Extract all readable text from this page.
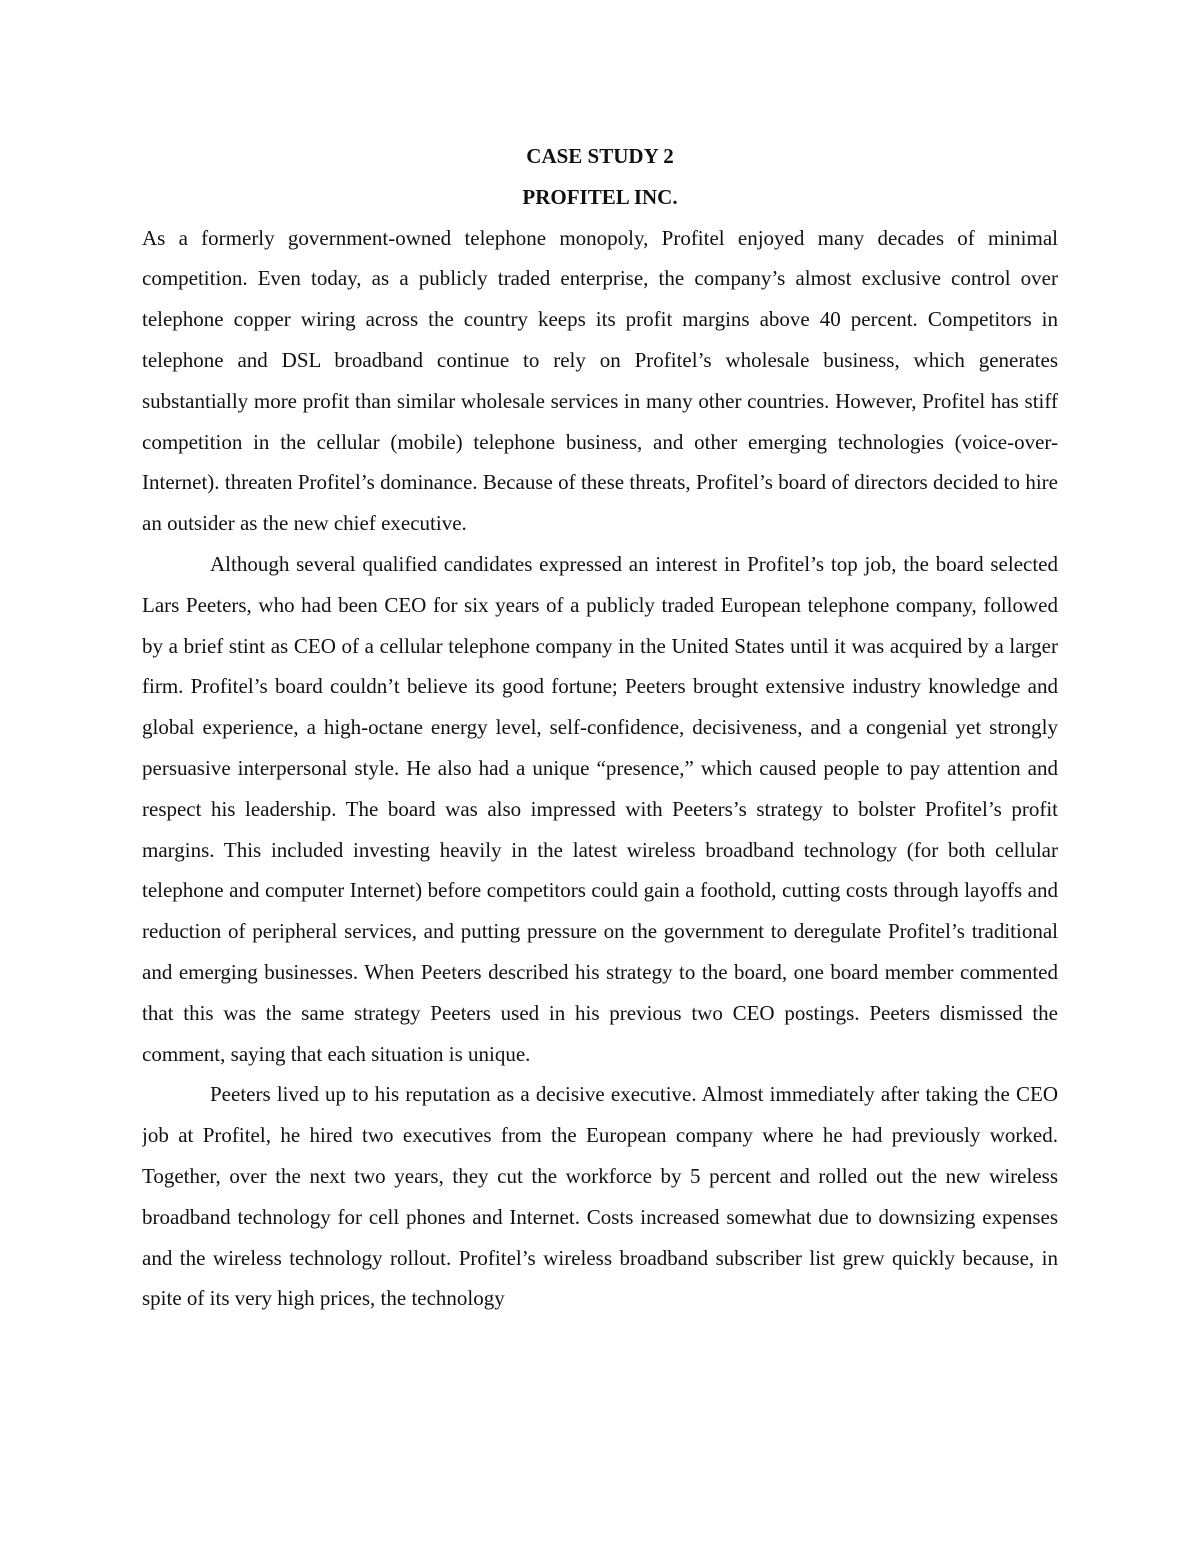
CASE STUDY 2

PROFITEL INC.

As a formerly government-owned telephone monopoly, Profitel enjoyed many decades of minimal competition. Even today, as a publicly traded enterprise, the company’s almost exclusive control over telephone copper wiring across the country keeps its profit margins above 40 percent. Competitors in telephone and DSL broadband continue to rely on Profitel’s wholesale business, which generates substantially more profit than similar wholesale services in many other countries. However, Profitel has stiff competition in the cellular (mobile) telephone business, and other emerging technologies (voice-over-Internet). threaten Profitel’s dominance. Because of these threats, Profitel’s board of directors decided to hire an outsider as the new chief executive.

Although several qualified candidates expressed an interest in Profitel’s top job, the board selected Lars Peeters, who had been CEO for six years of a publicly traded European telephone company, followed by a brief stint as CEO of a cellular telephone company in the United States until it was acquired by a larger firm. Profitel’s board couldn’t believe its good fortune; Peeters brought extensive industry knowledge and global experience, a high-octane energy level, self-confidence, decisiveness, and a congenial yet strongly persuasive interpersonal style. He also had a unique “presence,” which caused people to pay attention and respect his leadership. The board was also impressed with Peeters’s strategy to bolster Profitel’s profit margins. This included investing heavily in the latest wireless broadband technology (for both cellular telephone and computer Internet) before competitors could gain a foothold, cutting costs through layoffs and reduction of peripheral services, and putting pressure on the government to deregulate Profitel’s traditional and emerging businesses. When Peeters described his strategy to the board, one board member commented that this was the same strategy Peeters used in his previous two CEO postings. Peeters dismissed the comment, saying that each situation is unique.

Peeters lived up to his reputation as a decisive executive. Almost immediately after taking the CEO job at Profitel, he hired two executives from the European company where he had previously worked. Together, over the next two years, they cut the workforce by 5 percent and rolled out the new wireless broadband technology for cell phones and Internet. Costs increased somewhat due to downsizing expenses and the wireless technology rollout. Profitel’s wireless broadband subscriber list grew quickly because, in spite of its very high prices, the technology
